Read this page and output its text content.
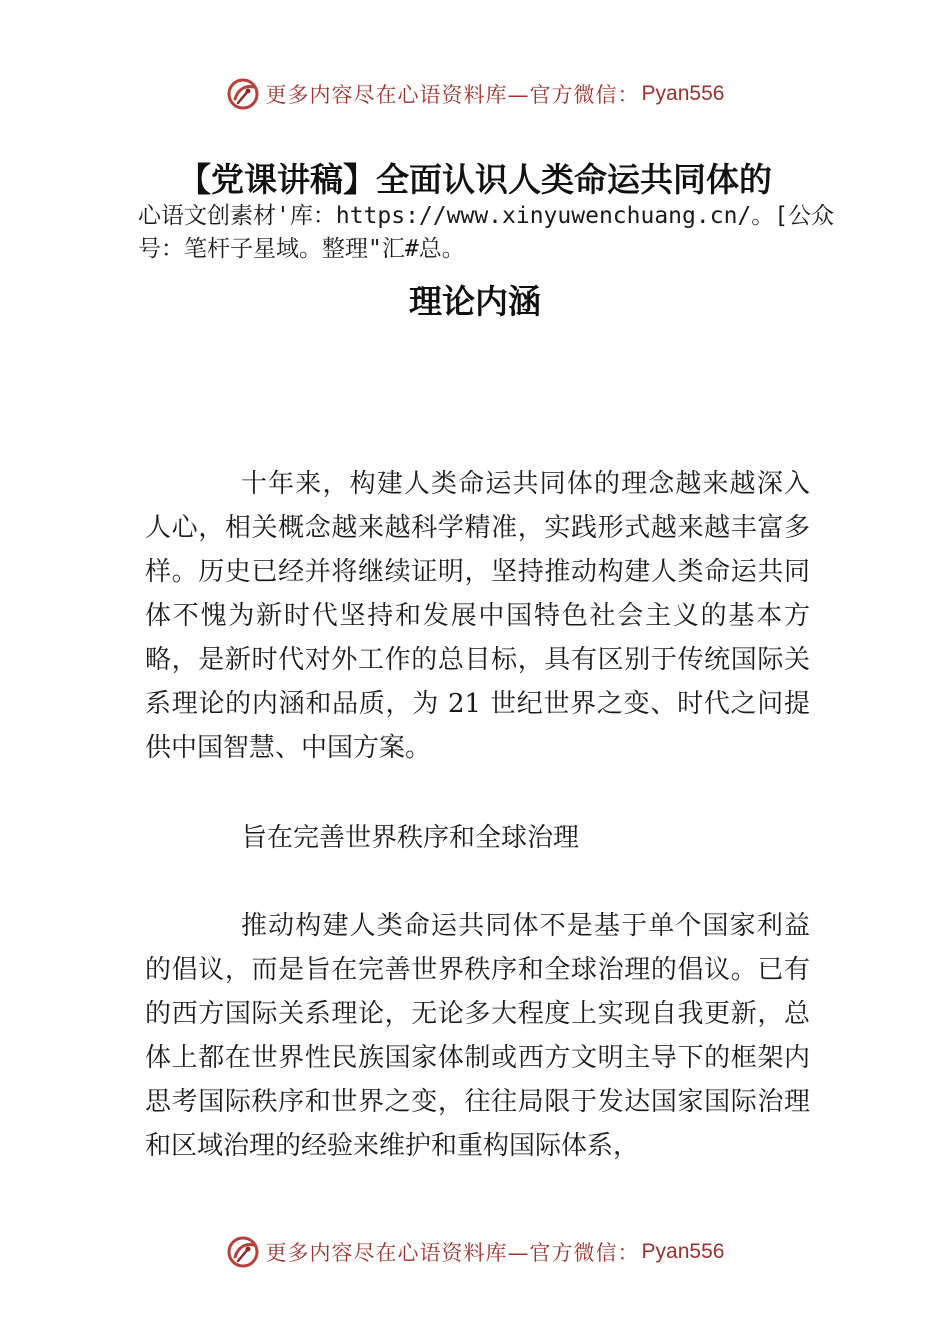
更多内容尽在心语资料库—官方微信： Pyan556
【党课讲稿】全面认识人类命运共同体的
心语文创素材'库：https://www.xinyuwenchuang.cn/。[公众号：笔杆子星域。整理"汇#总。
理论内涵
十年来，构建人类命运共同体的理念越来越深入人心，相关概念越来越科学精准，实践形式越来越丰富多样。历史已经并将继续证明，坚持推动构建人类命运共同体不愧为新时代坚持和发展中国特色社会主义的基本方略，是新时代对外工作的总目标，具有区别于传统国际关系理论的内涵和品质，为 21 世纪世界之变、时代之问提供中国智慧、中国方案。
旨在完善世界秩序和全球治理
推动构建人类命运共同体不是基于单个国家利益的倡议，而是旨在完善世界秩序和全球治理的倡议。已有的西方国际关系理论，无论多大程度上实现自我更新，总体上都在世界性民族国家体制或西方文明主导下的框架内思考国际秩序和世界之变，往往局限于发达国家国际治理和区域治理的经验来维护和重构国际体系，
更多内容尽在心语资料库—官方微信： Pyan556
